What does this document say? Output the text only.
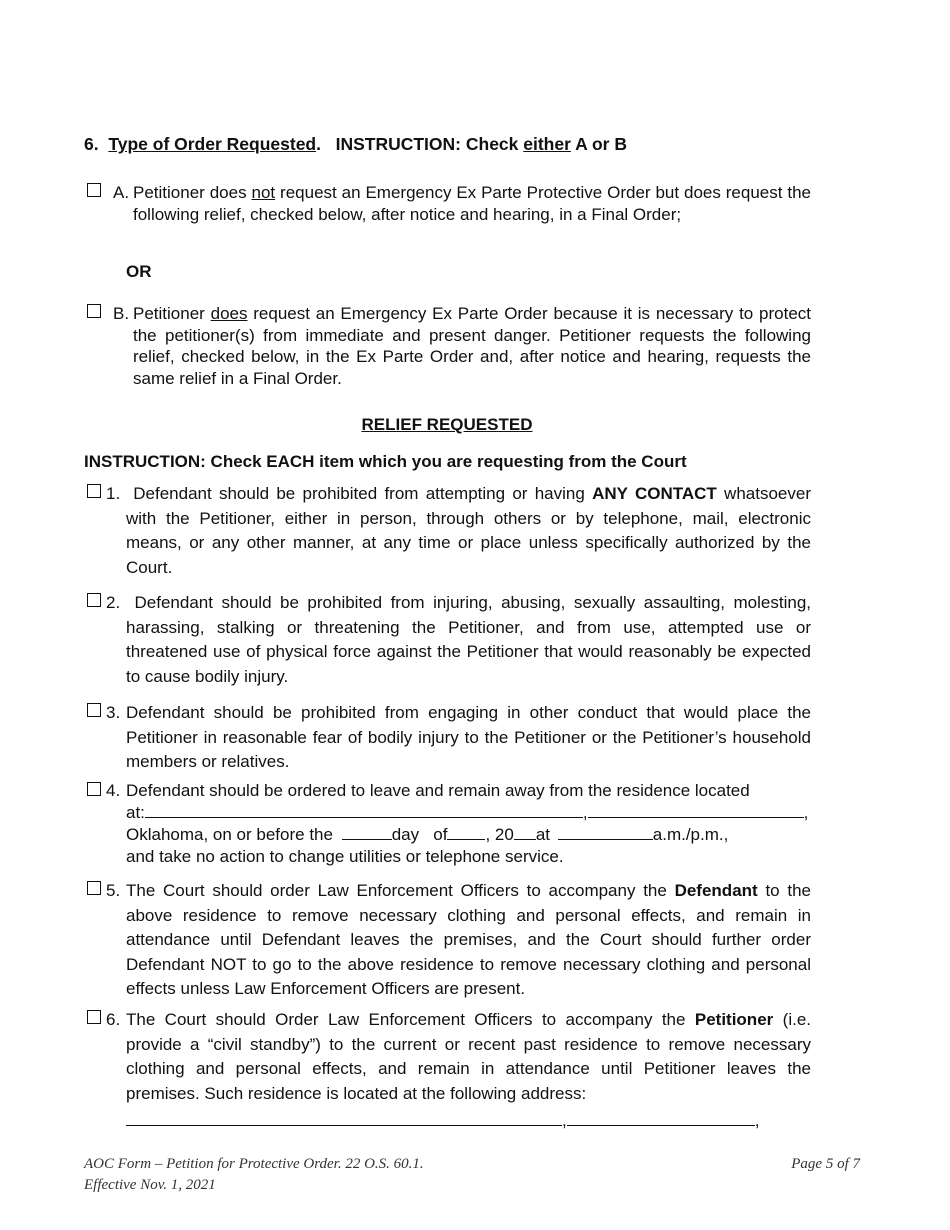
6. Type of Order Requested. INSTRUCTION: Check either A or B
A. Petitioner does not request an Emergency Ex Parte Protective Order but does request the following relief, checked below, after notice and hearing, in a Final Order;
OR
B. Petitioner does request an Emergency Ex Parte Order because it is necessary to protect the petitioner(s) from immediate and present danger. Petitioner requests the following relief, checked below, in the Ex Parte Order and, after notice and hearing, requests the same relief in a Final Order.
RELIEF REQUESTED
INSTRUCTION: Check EACH item which you are requesting from the Court
1. Defendant should be prohibited from attempting or having ANY CONTACT whatsoever with the Petitioner, either in person, through others or by telephone, mail, electronic means, or any other manner, at any time or place unless specifically authorized by the Court.
2. Defendant should be prohibited from injuring, abusing, sexually assaulting, molesting, harassing, stalking or threatening the Petitioner, and from use, attempted use or threatened use of physical force against the Petitioner that would reasonably be expected to cause bodily injury.
3. Defendant should be prohibited from engaging in other conduct that would place the Petitioner in reasonable fear of bodily injury to the Petitioner or the Petitioner’s household members or relatives.
4. Defendant should be ordered to leave and remain away from the residence located
at:	,	,
Oklahoma, on or before the	day of , 20 at	a.m./p.m.,
and take no action to change utilities or telephone service.
5. The Court should order Law Enforcement Officers to accompany the Defendant to the above residence to remove necessary clothing and personal effects, and remain in attendance until Defendant leaves the premises, and the Court should further order Defendant NOT to go to the above residence to remove necessary clothing and personal effects unless Law Enforcement Officers are present.
6. The Court should Order Law Enforcement Officers to accompany the Petitioner (i.e. provide a “civil standby”) to the current or recent past residence to remove necessary clothing and personal effects, and remain in attendance until Petitioner leaves the premises. Such residence is located at the following address:
,	,
AOC Form – Petition for Protective Order. 22 O.S. 60.1.
Effective Nov. 1, 2021
Page 5 of 7
